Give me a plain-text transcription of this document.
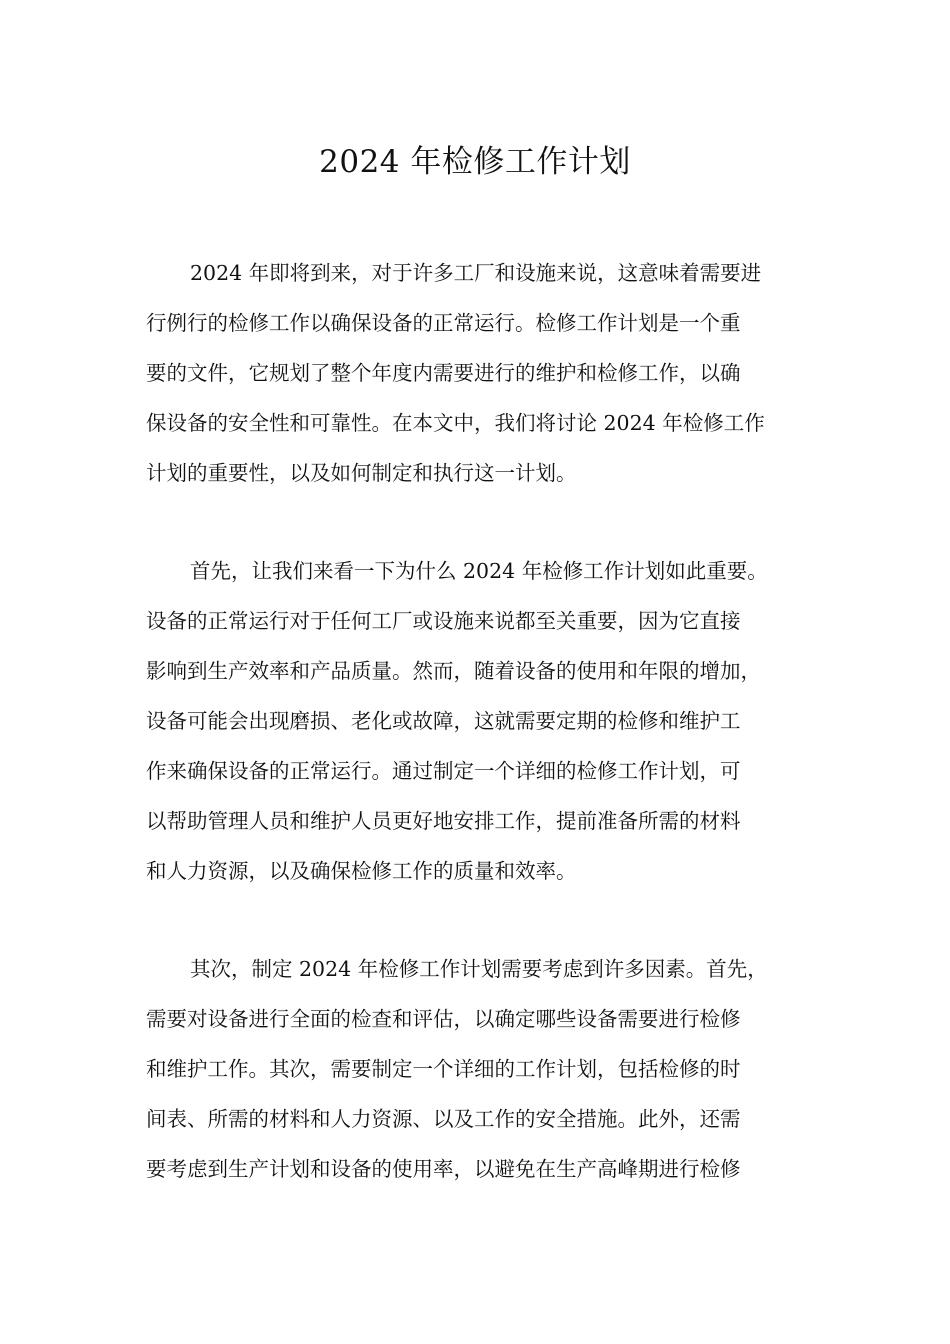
2024 年检修工作计划
2024 年即将到来，对于许多工厂和设施来说，这意味着需要进
行例行的检修工作以确保设备的正常运行。检修工作计划是一个重
要的文件，它规划了整个年度内需要进行的维护和检修工作，以确
保设备的安全性和可靠性。在本文中，我们将讨论 2024 年检修工作
计划的重要性，以及如何制定和执行这一计划。
首先，让我们来看一下为什么 2024 年检修工作计划如此重要。
设备的正常运行对于任何工厂或设施来说都至关重要，因为它直接
影响到生产效率和产品质量。然而，随着设备的使用和年限的增加，
设备可能会出现磨损、老化或故障，这就需要定期的检修和维护工
作来确保设备的正常运行。通过制定一个详细的检修工作计划，可
以帮助管理人员和维护人员更好地安排工作，提前准备所需的材料
和人力资源，以及确保检修工作的质量和效率。
其次，制定 2024 年检修工作计划需要考虑到许多因素。首先，
需要对设备进行全面的检查和评估，以确定哪些设备需要进行检修
和维护工作。其次，需要制定一个详细的工作计划，包括检修的时
间表、所需的材料和人力资源、以及工作的安全措施。此外，还需
要考虑到生产计划和设备的使用率，以避免在生产高峰期进行检修
